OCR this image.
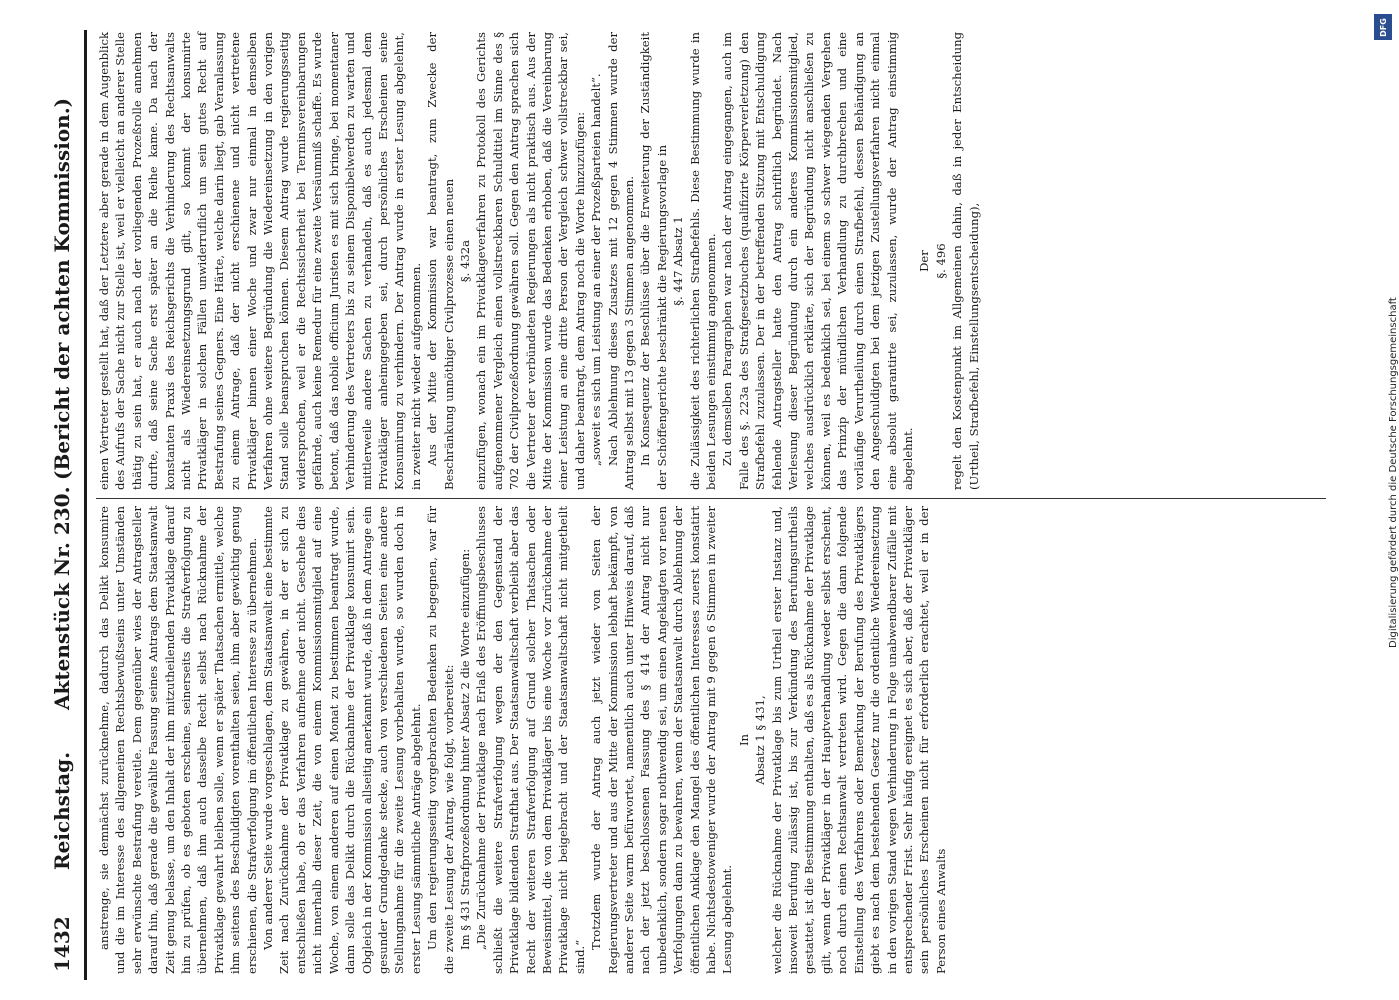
1432
Reichstag.
Aktenstück Nr. 230.
(Bericht der achten Kommission.)

anstrenge, sie demnächst zurücknehme, dadurch das Delikt konsumire und die im Interesse des allgemeinen Rechtsbewußtseins unter Umständen sehr erwünschte Bestrafung vereitle. Dem gegenüber wies der Antragsteller darauf hin, daß gerade die gewählte Fassung seines Antrags dem Staatsanwalt Zeit genug belasse, um den Inhalt der ihm mitzutheilenden Privatklage darauf hin zu prüfen, ob es geboten erscheine, seinerseits die Strafverfolgung zu übernehmen, daß ihm auch dasselbe Recht selbst nach Rücknahme der Privatklage gewahrt bleiben solle, wenn er später Thatsachen ermittle, welche ihm seitens des Beschuldigten vorenthalten seien, ihm aber gewichtig genug erschienen, die Strafverfolgung im öffentlichen Interesse zu übernehmen. Von anderer Seite wurde vorgeschlagen, dem Staatsanwalt eine bestimmte Zeit nach Zurücknahme der Privatklage zu gewähren, in der er sich zu entschließen habe, ob er das Verfahren aufnehme oder nicht. Geschehe dies nicht innerhalb dieser Zeit, die von einem Kommissionsmitglied auf eine Woche, von einem anderen auf einen Monat zu bestimmen beantragt wurde, dann solle das Delikt durch die Rücknahme der Privatklage konsumirt sein. Obgleich in der Kommission allseitig anerkannt wurde, daß in dem Antrage ein gesunder Grundgedanke stecke, auch von verschiedenen Seiten eine andere Stellungnahme für die zweite Lesung vorbehalten wurde, so wurden doch in erster Lesung sämmtliche Anträge abgelehnt. Um den regierungsseitig vorgebrachten Bedenken zu begegnen, war für die zweite Lesung der Antrag, wie folgt, vorbereitet: Im § 431 Strafprozeßordnung hinter Absatz 2 die Worte einzufügen: „Die Zurücknahme der Privatklage nach Erlaß des Eröffnungsbeschlusses schließt die weitere Strafverfolgung wegen der den Gegenstand der Privatklage bildenden Strafthat aus. Der Staatsanwaltschaft verbleibt aber das Recht der weiteren Strafverfolgung auf Grund solcher Thatsachen oder Beweismittel, die von dem Privatkläger bis eine Woche vor Zurücknahme der Privatklage nicht beigebracht und der Staatsanwaltschaft nicht mitgetheilt sind.“

Trotzdem wurde der Antrag auch jetzt wieder von Seiten der Regierungsvertreter und aus der Mitte der Kommission lebhaft bekämpft, von anderer Seite warm befürwortet, namentlich auch unter Hinweis darauf, daß nach der jetzt beschlossenen Fassung des § 414 der Antrag nicht nur unbedenklich, sondern sogar nothwendig sei, um einen Angeklagten vor neuen Verfolgungen dann zu bewahren, wenn der Staatsanwalt durch Ablehnung der öffentlichen Anklage den Mangel des öffentlichen Interesses zuerst konstatirt habe. Nichtsdestoweniger wurde der Antrag mit 9 gegen 6 Stimmen in zweiter Lesung abgelehnt.

In Absatz 1 § 431, welcher die Rücknahme der Privatklage bis zum Urtheil erster Instanz und, insoweit Berufung zulässig ist, bis zur Verkündung des Berufungsurtheils gestattet, ist die Bestimmung enthalten, daß es als Rücknahme der Privatklage gilt, wenn der Privatkläger in der Hauptverhandlung weder selbst erscheint, noch durch einen Rechtsanwalt vertreten wird. Gegen die dann folgende Einstellung des Verfahrens oder Bemerkung der Berufung des Privatklägers giebt es nach dem bestehenden Gesetz nur die ordentliche Wiedereinsetzung in den vorigen Stand wegen Verhinderung in Folge unabwendbarer Zufälle mit entsprechender Frist. Sehr häufig ereignet es sich aber, daß der Privatkläger sein persönliches Erscheinen nicht für erforderlich erachtet, weil er in der Person eines Anwalts

einen Vertreter gestellt hat, daß der Letztere aber gerade in dem Augenblick des Aufrufs der Sache nicht zur Stelle ist, weil er vielleicht an anderer Stelle thätig zu sein hat, er auch nach der vorliegenden Prozeßrolle annehmen durfte, daß seine Sache erst später an die Reihe kame. Da nach der konstanten Praxis des Reichsgerichts die Verhinderung des Rechtsanwalts nicht als Wiedereinsetzungsgrund gilt, so kommt der konsumirte Privatkläger in solchen Fällen unwiderruflich um sein gutes Recht auf Bestrafung seines Gegners. Eine Härte, welche darin liegt, gab Veranlassung zu einem Antrage, daß der nicht erschienene und nicht vertretene Privatkläger binnen einer Woche und zwar nur einmal in demselben Verfahren ohne weitere Begründung die Wiedereinsetzung in den vorigen Stand solle beanspruchen können. Diesem Antrag wurde regierungsseitig widersprochen, weil er die Rechtssicherheit bei Terminsvereinbarungen gefährde, auch keine Remedur für eine zweite Versäumniß schaffe. Es wurde betont, daß das nobile officium Juristen es mit sich bringe, bei momentaner Verhinderung des Vertreters bis zu seinem Disponibelwerden zu warten und mittlerweile andere Sachen zu verhandeln, daß es auch jedesmal dem Privatkläger anheimgegeben sei, durch persönliches Erscheinen seine Konsumirung zu verhindern. Der Antrag wurde in erster Lesung abgelehnt, in zweiter nicht wieder aufgenommen. Aus der Mitte der Kommission war beantragt, zum Zwecke der Beschränkung unnöthiger Civilprozesse einen neuen §. 432a einzufügen, wonach ein im Privatklageverfahren zu Protokoll des Gerichts aufgenommener Vergleich einen vollstreckbaren Schuldtitel im Sinne des § 702 der Civilprozeßordnung gewähren soll. Gegen den Antrag sprachen sich die Vertreter der verbündeten Regierungen als nicht praktisch aus. Aus der Mitte der Kommission wurde das Bedenken erhoben, daß die Vereinbarung einer Leistung an eine dritte Person der Vergleich schwer vollstreckbar sei, und daher beantragt, dem Antrag noch die Worte hinzuzufügen: „soweit es sich um Leistung an einer der Prozeßparteien handelt“. Nach Ablehnung dieses Zusatzes mit 12 gegen 4 Stimmen wurde der Antrag selbst mit 13 gegen 3 Stimmen angenommen. In Konsequenz der Beschlüsse über die Erweiterung der Zuständigkeit der Schöffengerichte beschränkt die Regierungsvorlage in §. 447 Absatz 1 die Zulässigkeit des richterlichen Strafbefehls. Diese Bestimmung wurde in beiden Lesungen einstimmig angenommen. Zu demselben Paragraphen war nach der Antrag eingegangen, auch im Falle des §. 223a des Strafgesetzbuches (qualifizirte Körperverletzung) den Strafbefehl zuzulassen. Der in der betreffenden Sitzung mit Entschuldigung fehlende Antragsteller hatte den Antrag schriftlich begründet. Nach Verlesung dieser Begründung durch ein anderes Kommissionsmitglied, welches ausdrücklich erklärte, sich der Begründung nicht anschließen zu können, weil es bedenklich sei, bei einem so schwer wiegenden Vergehen das Prinzip der mündlichen Verhandlung zu durchbrechen und eine vorläufige Verurtheilung durch einen Strafbefehl, dessen Behändigung an den Angeschuldigten bei dem jetzigen Zustellungsverfahren nicht einmal eine absolut garantirte sei, zuzulassen, wurde der Antrag einstimmig abgelehnt.

Der §. 496 regelt den Kostenpunkt im Allgemeinen dahin, daß in jeder Entscheidung (Urtheil, Strafbefehl, Einstellungsentscheidung),

DFG
Digitalisierung gefördert durch die Deutsche Forschungsgemeinschaft
